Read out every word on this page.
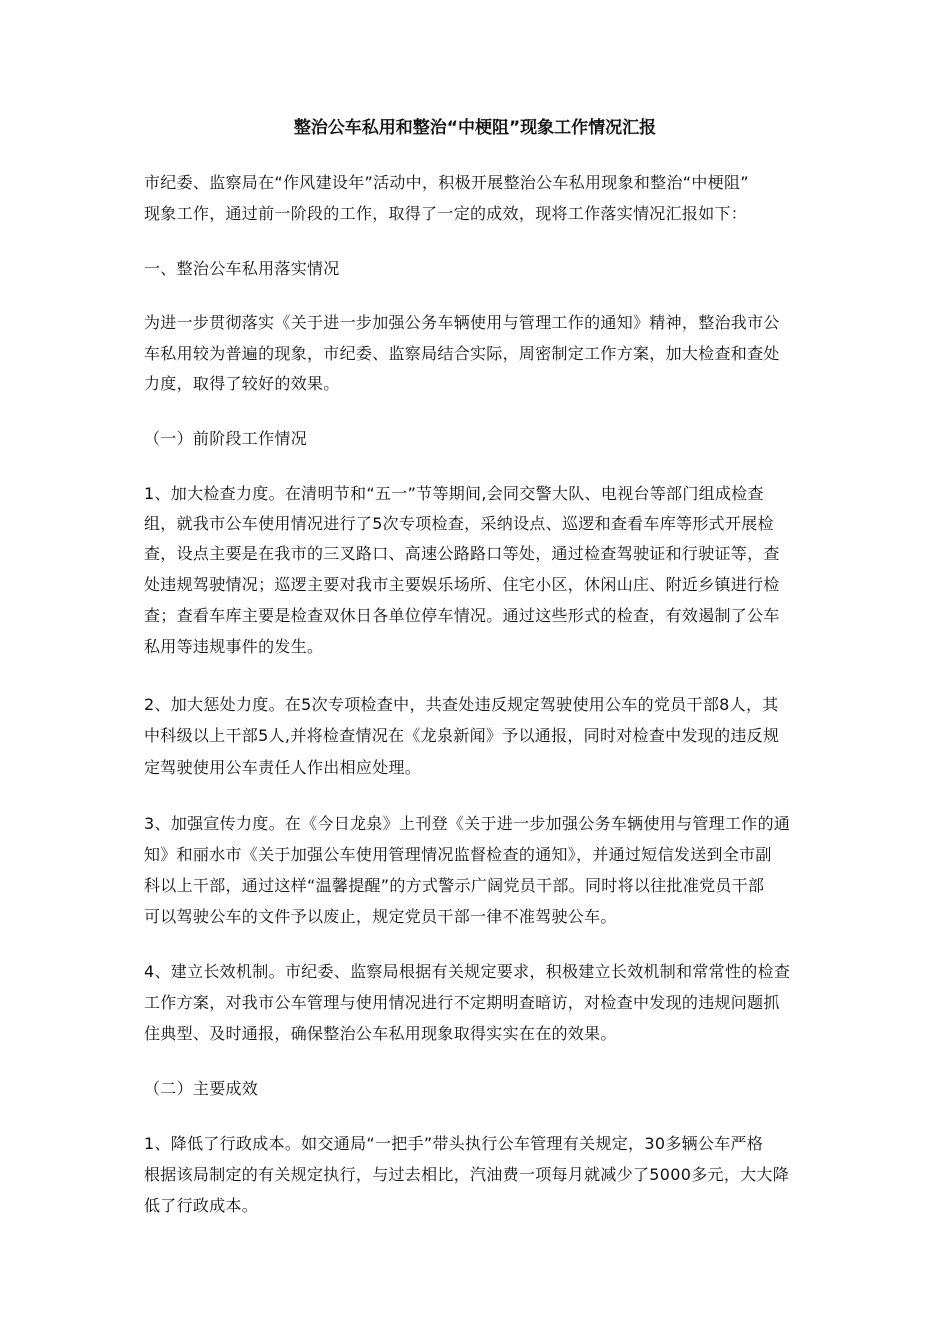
整治公车私用和整治“中梗阻”现象工作情况汇报
市纪委、监察局在“作风建设年”活动中，积极开展整治公车私用现象和整治“中梗阻”
现象工作，通过前一阶段的工作，取得了一定的成效，现将工作落实情况汇报如下：
一、整治公车私用落实情况
为进一步贯彻落实《关于进一步加强公务车辆使用与管理工作的通知》精神，整治我市公
车私用较为普遍的现象，市纪委、监察局结合实际，周密制定工作方案，加大检查和查处
力度，取得了较好的效果。
（一）前阶段工作情况
1、加大检查力度。在清明节和“五一”节等期间,会同交警大队、电视台等部门组成检查
组，就我市公车使用情况进行了5次专项检查，采纳设点、巡逻和查看车库等形式开展检
查，设点主要是在我市的三叉路口、高速公路路口等处，通过检查驾驶证和行驶证等，查
处违规驾驶情况；巡逻主要对我市主要娱乐场所、住宅小区，休闲山庄、附近乡镇进行检
查；查看车库主要是检查双休日各单位停车情况。通过这些形式的检查，有效遏制了公车
私用等违规事件的发生。
2、加大惩处力度。在5次专项检查中，共查处违反规定驾驶使用公车的党员干部8人，其
中科级以上干部5人,并将检查情况在《龙泉新闻》予以通报，同时对检查中发现的违反规
定驾驶使用公车责任人作出相应处理。
3、加强宣传力度。在《今日龙泉》上刊登《关于进一步加强公务车辆使用与管理工作的通
知》和丽水市《关于加强公车使用管理情况监督检查的通知》，并通过短信发送到全市副
科以上干部，通过这样“温馨提醒”的方式警示广阔党员干部。同时将以往批准党员干部
可以驾驶公车的文件予以废止，规定党员干部一律不准驾驶公车。
4、建立长效机制。市纪委、监察局根据有关规定要求，积极建立长效机制和常常性的检查
工作方案，对我市公车管理与使用情况进行不定期明查暗访，对检查中发现的违规问题抓
住典型、及时通报，确保整治公车私用现象取得实实在在的效果。
（二）主要成效
1、降低了行政成本。如交通局“一把手”带头执行公车管理有关规定，30多辆公车严格
根据该局制定的有关规定执行，与过去相比，汽油费一项每月就减少了5000多元，大大降
低了行政成本。
